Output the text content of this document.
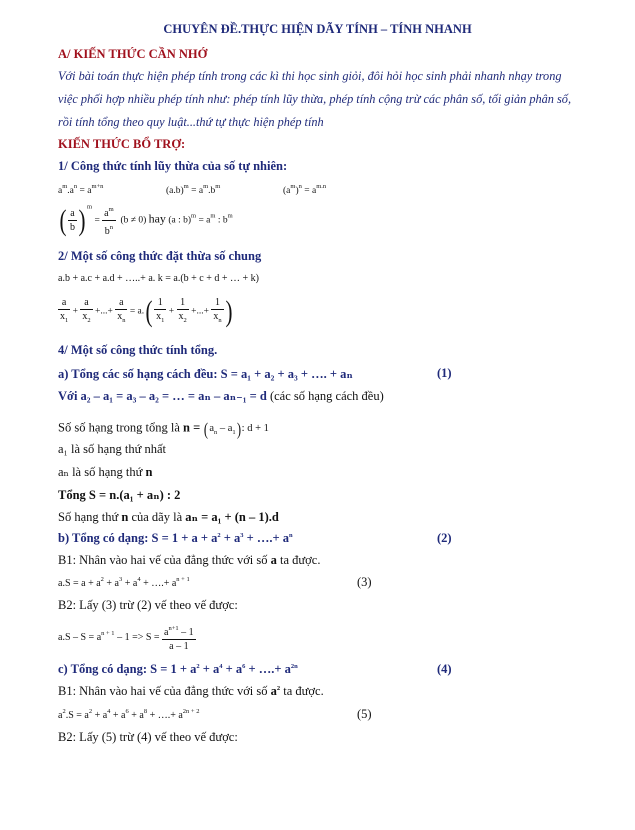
CHUYÊN ĐỀ.THỰC HIỆN DÃY TÍNH – TÍNH NHANH
A/ KIẾN THỨC CẦN NHỚ
Với bài toán thực hiện phép tính trong các kì thi học sinh giỏi, đôi hỏi học sinh phải nhanh nhạy trong
việc phối hợp nhiều phép tính như: phép tính lũy thừa, phép tính cộng trừ các phân số, tối giản phân số,
rồi tính tổng theo quy luật...thứ tự thực hiện phép tính
KIẾN THỨC BỔ TRỢ:
1/ Công thức tính lũy thừa của số tự nhiên:
$a^m.a^n = a^{m+n}$	$(a.b)^m = a^m.b^m$	$(a^m)^n = a^{m.n}$
( $\frac{a}{b}$ ) $^m = \frac{a^m}{b^n} (b \ne 0)$ hay (a : $b)^m = a^m$ : $b^m$
2/ Một số công thức đặt thừa số chung
a.b + a.c + a.d + …..+ a. k = a.(b + c + d + … + k)
$\frac{a}{x_1} + \frac{a}{x_2}$ +...+ $\frac{a}{x_n} = a.( \frac{1}{x_1} + \frac{1}{x_2}$ +...+ $\frac{1}{x_n}$ )
4/ Một số công thức tính tổng.
a) Tổng các số hạng cách đều: S = a₁ + a₂ + a₃ + …. + aₙ	(1)
Với a₂ – a₁ = a₃ – a₂ = … = aₙ – aₙ₋₁ = d (các số hạng cách đều)
Số số hạng trong tổng là $n = (a_n - a_1)$: d + 1
a₁ là số hạng thứ nhất
aₙ là số hạng thứ n
Tổng S = n.(a₁ + aₙ) : 2
Số hạng thứ n của dãy là aₙ = a₁ + (n – 1).d
b) Tổng có dạng: $S = 1 + a + a^2 + a^3$ + ….+ $a^n$	(2)
B1: Nhân vào hai vế của đẳng thức với số a ta được.
$a.S = a + a^2 + a^3 + a^4$ + ….+ $a^{n + 1}$	(3)
B2: Lấy (3) trừ (2) vế theo vế được:
$a.S - S = a^{n + 1} - 1 => S = \frac{a^{n+1} - 1}{a - 1}$
c) Tổng có dạng: $S = 1 + a^2 + a^4 + a^6$ + ….+ $a^{2n}$	(4)
B1: Nhân vào hai vế của đẳng thức với số $a^2$ ta được.
$a^2.S = a^2 + a^4 + a^6 + a^8$ + ….+ $a^{2n + 2}$	(5)
B2: Lấy (5) trừ (4) vế theo vế được:
